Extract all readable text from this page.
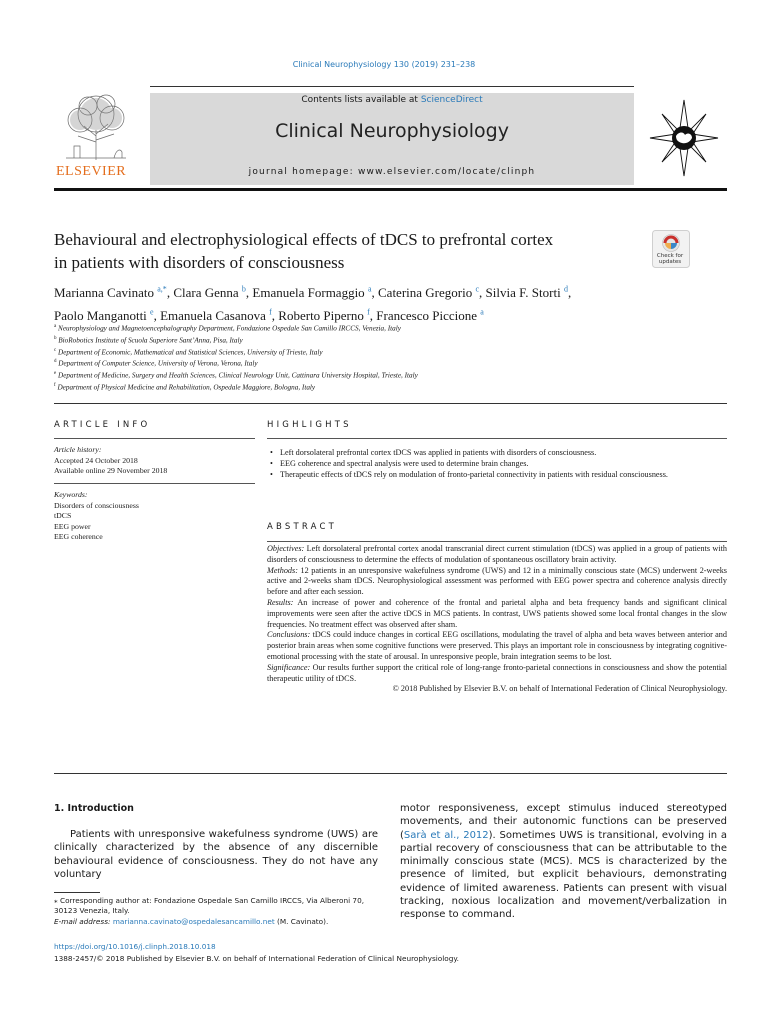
Clinical Neurophysiology 130 (2019) 231–238
ELSEVIER
Contents lists available at ScienceDirect
Clinical Neurophysiology
journal homepage: www.elsevier.com/locate/clinph
Behavioural and electrophysiological effects of tDCS to prefrontal cortex
in patients with disorders of consciousness	Check for updates
Marianna Cavinato $^{a,*}$, Clara Genna $^b$, Emanuela Formaggio $^a$, Caterina Gregorio $^c$, Silvia F. Storti $^d$,
Paolo Manganotti $^e$, Emanuela Casanova $^f$, Roberto Piperno $^f$, Francesco Piccione $^a$
$^a$ Neurophysiology and Magnetoencephalography Department, Fondazione Ospedale San Camillo IRCCS, Venezia, Italy
$^b$ BioRobotics Institute of Scuola Superiore Sant’Anna, Pisa, Italy
$^c$ Department of Economic, Mathematical and Statistical Sciences, University of Trieste, Italy
$^d$ Department of Computer Science, University of Verona, Verona, Italy
$^e$ Department of Medicine, Surgery and Health Sciences, Clinical Neurology Unit, Cattinara University Hospital, Trieste, Italy
$^f$ Department of Physical Medicine and Rehabilitation, Ospedale Maggiore, Bologna, Italy
ARTICLE INFO
Article history:
Accepted 24 October 2018
Available online 29 November 2018
Keywords:
Disorders of consciousness
tDCS
EEG power
EEG coherence
HIGHLIGHTS
• Left dorsolateral prefrontal cortex tDCS was applied in patients with disorders of consciousness.
• EEG coherence and spectral analysis were used to determine brain changes.
• Therapeutic effects of tDCS rely on modulation of fronto-parietal connectivity in patients with residual consciousness.
ABSTRACT

Objectives: Left dorsolateral prefrontal cortex anodal transcranial direct current stimulation (tDCS) was applied in a group of patients with disorders of consciousness to determine the effects of modulation of spontaneous oscillatory brain activity.

Methods: 12 patients in an unresponsive wakefulness syndrome (UWS) and 12 in a minimally conscious state (MCS) underwent 2-weeks active and 2-weeks sham tDCS. Neurophysiological assessment was performed with EEG power spectra and coherence analysis directly before and after each session.

Results: An increase of power and coherence of the frontal and parietal alpha and beta frequency bands and significant clinical improvements were seen after the active tDCS in MCS patients. In contrast, UWS patients showed some local frontal changes in the slow frequencies. No treatment effect was observed after sham.

Conclusions: tDCS could induce changes in cortical EEG oscillations, modulating the travel of alpha and beta waves between anterior and posterior brain areas when some cognitive functions were preserved. This plays an important role in consciousness by integrating cognitive-emotional processing with the state of arousal. In unresponsive people, brain integration seems to be lost.

Significance: Our results further support the critical role of long-range fronto-parietal connections in consciousness and show the potential therapeutic utility of tDCS.

© 2018 Published by Elsevier B.V. on behalf of International Federation of Clinical Neurophysiology.

1. Introduction

Patients with unresponsive wakefulness syndrome (UWS) are clinically characterized by the absence of any discernible behavioural evidence of consciousness. They do not have any voluntary

motor responsiveness, except stimulus induced stereotyped movements, and their autonomic functions can be preserved (Sarà et al., 2012). Sometimes UWS is transitional, evolving in a partial recovery of consciousness that can be attributable to the minimally conscious state (MCS). MCS is characterized by the presence of limited, but explicit behaviours, demonstrating evidence of limited awareness. Patients can present with visual tracking, noxious localization and movement/verbalization in response to command.

⁎ Corresponding author at: Fondazione Ospedale San Camillo IRCCS, Via Alberoni 70, 30123 Venezia, Italy.
E-mail address: marianna.cavinato@ospedalesancamillo.net (M. Cavinato).
https://doi.org/10.1016/j.clinph.2018.10.018
1388-2457/© 2018 Published by Elsevier B.V. on behalf of International Federation of Clinical Neurophysiology.
